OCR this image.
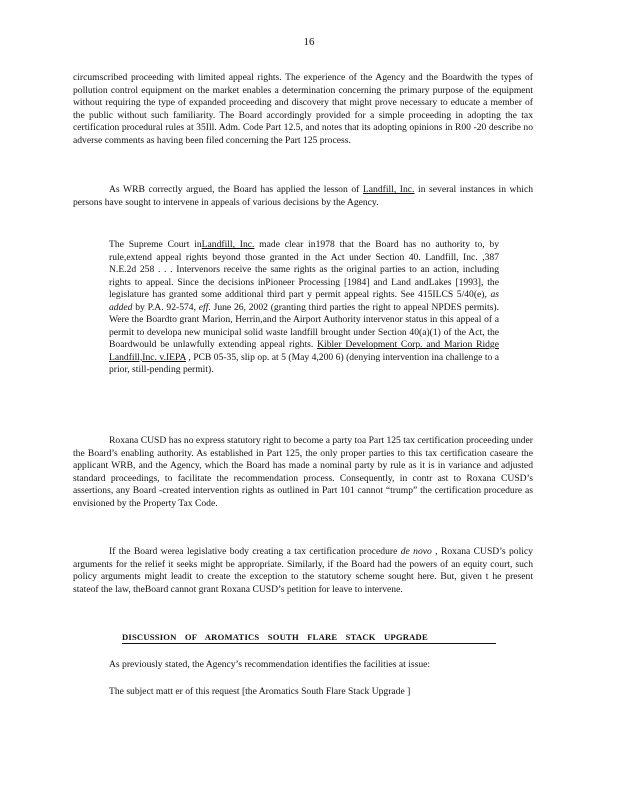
16

circumscribed proceeding with limited appeal rights. The experience of the Agency and the Boardwith the types of pollution control equipment on the market enables a determination concerning the primary purpose of the equipment without requiring the type of expanded proceeding and discovery that might prove necessary to educate a member of the public without such familiarity. The Board accordingly provided for a simple proceeding in adopting the tax certification procedural rules at 35Ill. Adm. Code Part 12.5, and notes that its adopting opinions in R00 -20 describe no adverse comments as having been filed concerning the Part 125 process.

As WRB correctly argued, the Board has applied the lesson of Landfill, Inc. in several instances in which persons have sought to intervene in appeals of various decisions by the Agency.

The Supreme Court inLandfill, Inc. made clear in1978 that the Board has no authority to, by rule,extend appeal rights beyond those granted in the Act under Section 40. Landfill, Inc. ,387 N.E.2d 258 . . . Intervenors receive the same rights as the original parties to an action, including rights to appeal. Since the decisions inPioneer Processing [1984] and Land andLakes [1993], the legislature has granted some additional third part y permit appeal rights. See 415ILCS 5/40(e), as added by P.A. 92-574, eff. June 26, 2002 (granting third parties the right to appeal NPDES permits). Were the Boardto grant Marion, Herrin,and the Airport Authority intervenor status in this appeal of a permit to developa new municipal solid waste landfill brought under Section 40(a)(1) of the Act, the Boardwould be unlawfully extending appeal rights. Kibler Development Corp. and Marion Ridge Landfill,Inc. v.IEPA , PCB 05-35, slip op. at 5 (May 4,200 6) (denying intervention ina challenge to a prior, still-pending permit).

Roxana CUSD has no express statutory right to become a party toa Part 125 tax certification proceeding under the Board’s enabling authority. As established in Part 125, the only proper parties to this tax certification caseare the applicant WRB, and the Agency, which the Board has made a nominal party by rule as it is in variance and adjusted standard proceedings, to facilitate the recommendation process. Consequently, in contr ast to Roxana CUSD’s assertions, any Board -created intervention rights as outlined in Part 101 cannot “trump” the certification procedure as envisioned by the Property Tax Code.

If the Board werea legislative body creating a tax certification procedure de novo , Roxana CUSD’s policy arguments for the relief it seeks might be appropriate. Similarly, if the Board had the powers of an equity court, such policy arguments might leadit to create the exception to the statutory scheme sought here. But, given t he present stateof the law, theBoard cannot grant Roxana CUSD’s petition for leave to intervene.

DISCUSSION OF AROMATICS SOUTH FLARE STACK UPGRADE

As previously stated, the Agency’s recommendation identifies the facilities at issue:

The subject matt er of this request [the Aromatics South Flare Stack Upgrade ]
